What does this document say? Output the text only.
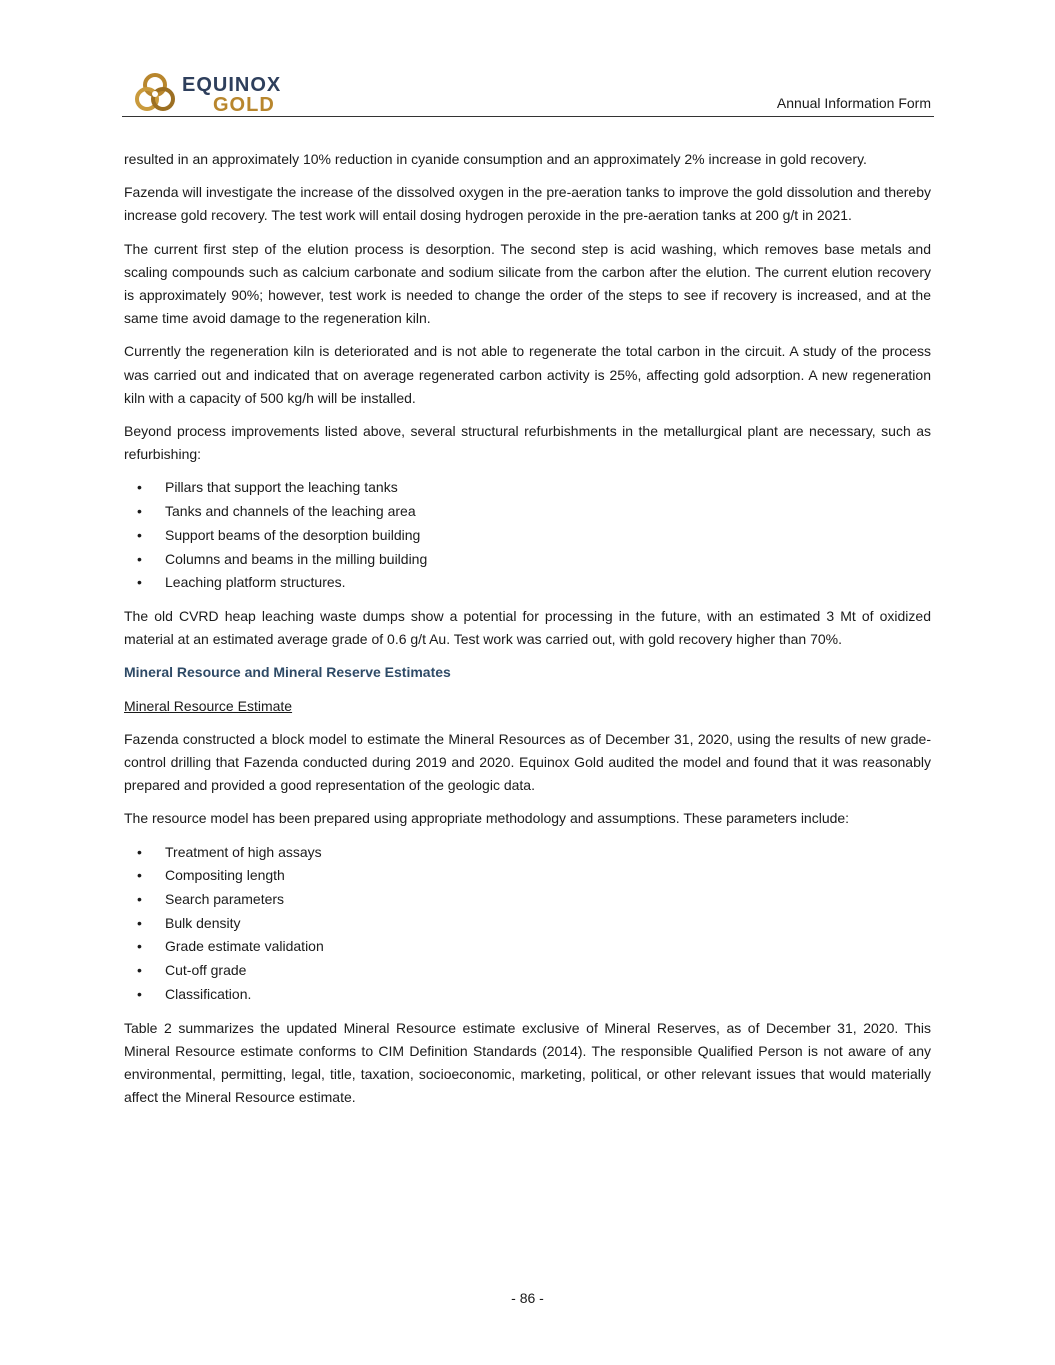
EQUINOX
GOLD	Annual Information Form

resulted in an approximately 10% reduction in cyanide consumption and an approximately 2% increase in gold recovery.

Fazenda will investigate the increase of the dissolved oxygen in the pre-aeration tanks to improve the gold dissolution and thereby increase gold recovery. The test work will entail dosing hydrogen peroxide in the pre-aeration tanks at 200 g/t in 2021.

The current first step of the elution process is desorption. The second step is acid washing, which removes base metals and scaling compounds such as calcium carbonate and sodium silicate from the carbon after the elution. The current elution recovery is approximately 90%; however, test work is needed to change the order of the steps to see if recovery is increased, and at the same time avoid damage to the regeneration kiln.

Currently the regeneration kiln is deteriorated and is not able to regenerate the total carbon in the circuit. A study of the process was carried out and indicated that on average regenerated carbon activity is 25%, affecting gold adsorption. A new regeneration kiln with a capacity of 500 kg/h will be installed.

Beyond process improvements listed above, several structural refurbishments in the metallurgical plant are necessary, such as refurbishing:

• Pillars that support the leaching tanks
• Tanks and channels of the leaching area
• Support beams of the desorption building
• Columns and beams in the milling building
• Leaching platform structures.

The old CVRD heap leaching waste dumps show a potential for processing in the future, with an estimated 3 Mt of oxidized material at an estimated average grade of 0.6 g/t Au. Test work was carried out, with gold recovery higher than 70%.

Mineral Resource and Mineral Reserve Estimates
Mineral Resource Estimate

Fazenda constructed a block model to estimate the Mineral Resources as of December 31, 2020, using the results of new grade-control drilling that Fazenda conducted during 2019 and 2020. Equinox Gold audited the model and found that it was reasonably prepared and provided a good representation of the geologic data.

The resource model has been prepared using appropriate methodology and assumptions. These parameters include:

• Treatment of high assays
• Compositing length
• Search parameters
• Bulk density
• Grade estimate validation
• Cut-off grade
• Classification.

Table 2 summarizes the updated Mineral Resource estimate exclusive of Mineral Reserves, as of December 31, 2020. This Mineral Resource estimate conforms to CIM Definition Standards (2014). The responsible Qualified Person is not aware of any environmental, permitting, legal, title, taxation, socioeconomic, marketing, political, or other relevant issues that would materially affect the Mineral Resource estimate.

- 86 -
